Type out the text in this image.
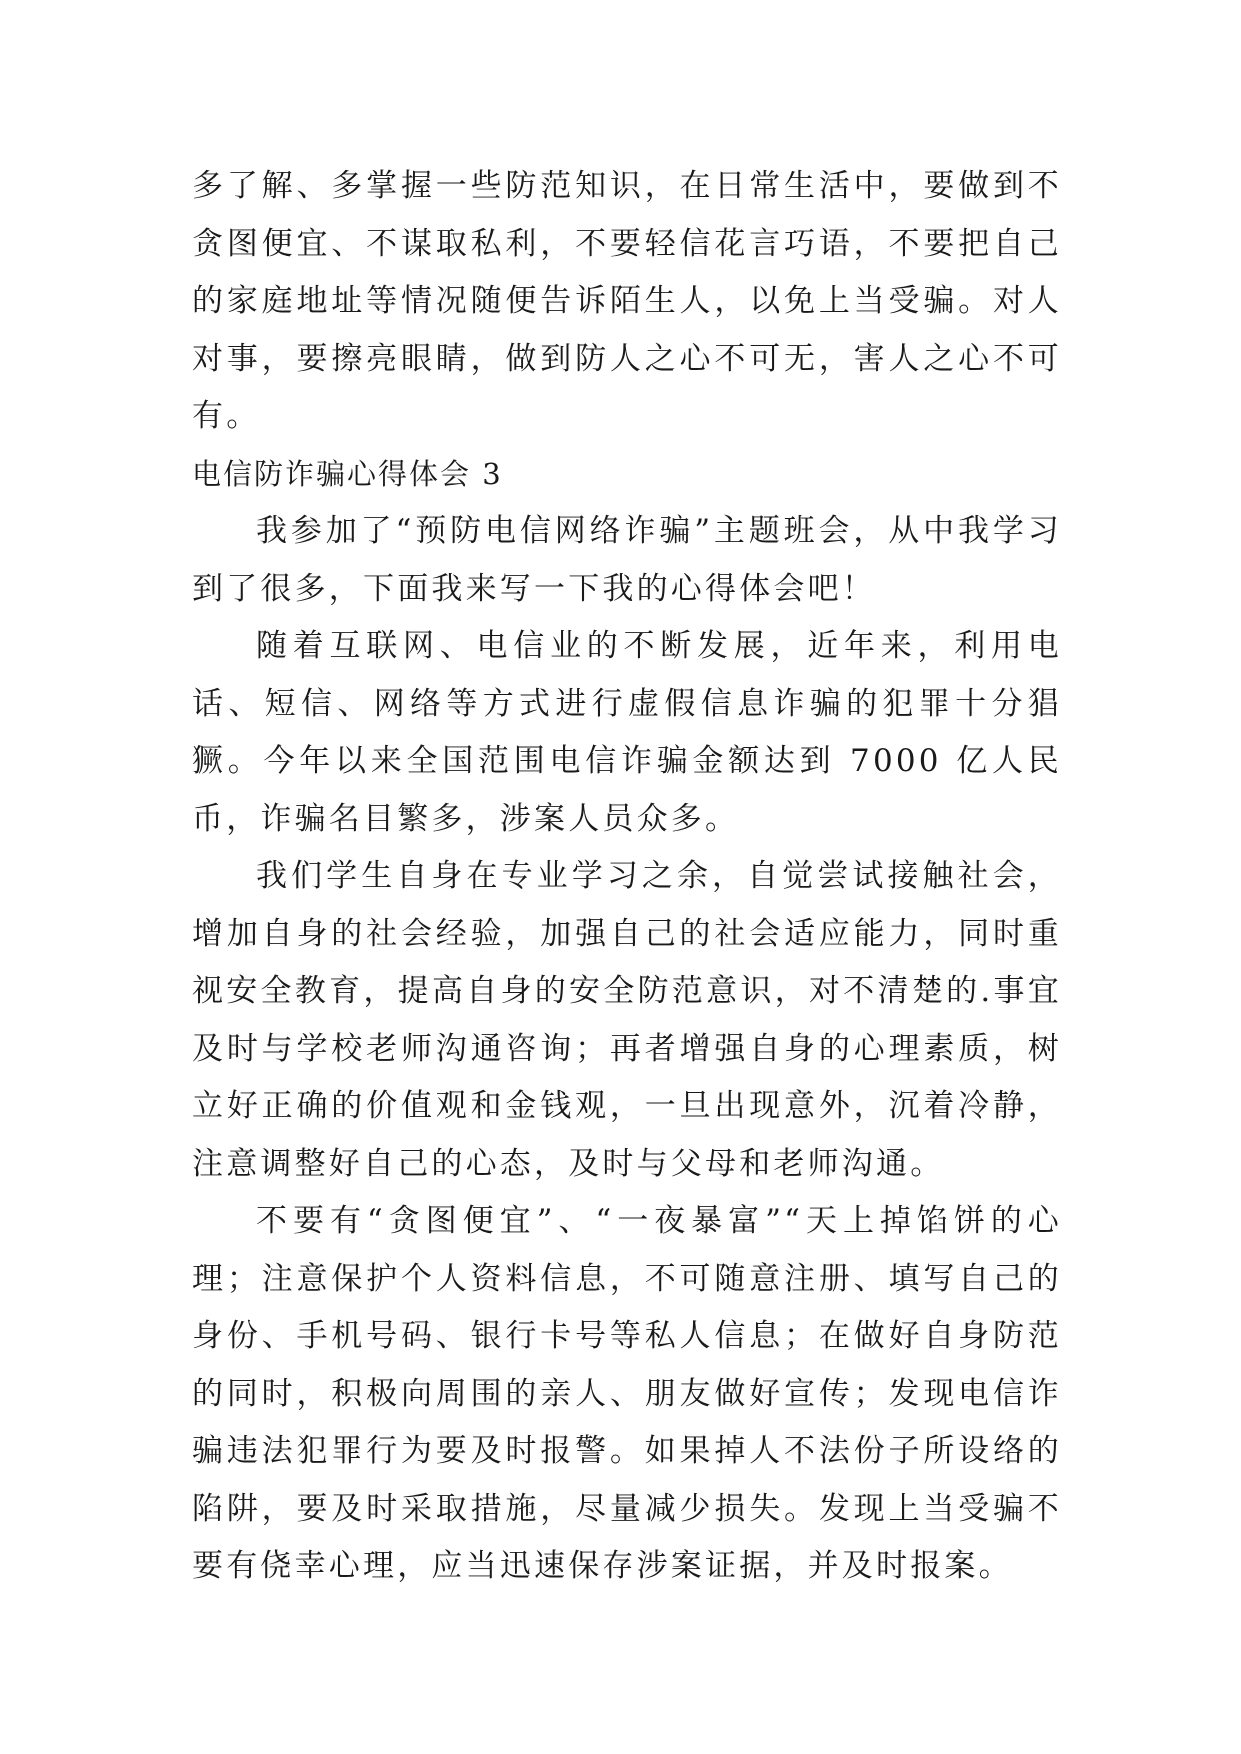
多了解、多掌握一些防范知识，在日常生活中，要做到不贪图便宜、不谋取私利，不要轻信花言巧语，不要把自己的家庭地址等情况随便告诉陌生人，以免上当受骗。对人对事，要擦亮眼睛，做到防人之心不可无，害人之心不可有。

电信防诈骗心得体会 3

我参加了“预防电信网络诈骗”主题班会，从中我学习到了很多，下面我来写一下我的心得体会吧！

随着互联网、电信业的不断发展，近年来，利用电话、短信、网络等方式进行虚假信息诈骗的犯罪十分猖獗。今年以来全国范围电信诈骗金额达到 7000 亿人民币，诈骗名目繁多，涉案人员众多。

我们学生自身在专业学习之余，自觉尝试接触社会，增加自身的社会经验，加强自己的社会适应能力，同时重视安全教育，提高自身的安全防范意识，对不清楚的.事宜及时与学校老师沟通咨询；再者增强自身的心理素质，树立好正确的价值观和金钱观，一旦出现意外，沉着冷静，注意调整好自己的心态，及时与父母和老师沟通。

不要有“贪图便宜”、“一夜暴富”“天上掉馅饼的心理；注意保护个人资料信息，不可随意注册、填写自己的身份、手机号码、银行卡号等私人信息；在做好自身防范的同时，积极向周围的亲人、朋友做好宣传；发现电信诈骗违法犯罪行为要及时报警。如果掉人不法份子所设络的陷阱，要及时采取措施，尽量减少损失。发现上当受骗不要有侥幸心理，应当迅速保存涉案证据，并及时报案。
